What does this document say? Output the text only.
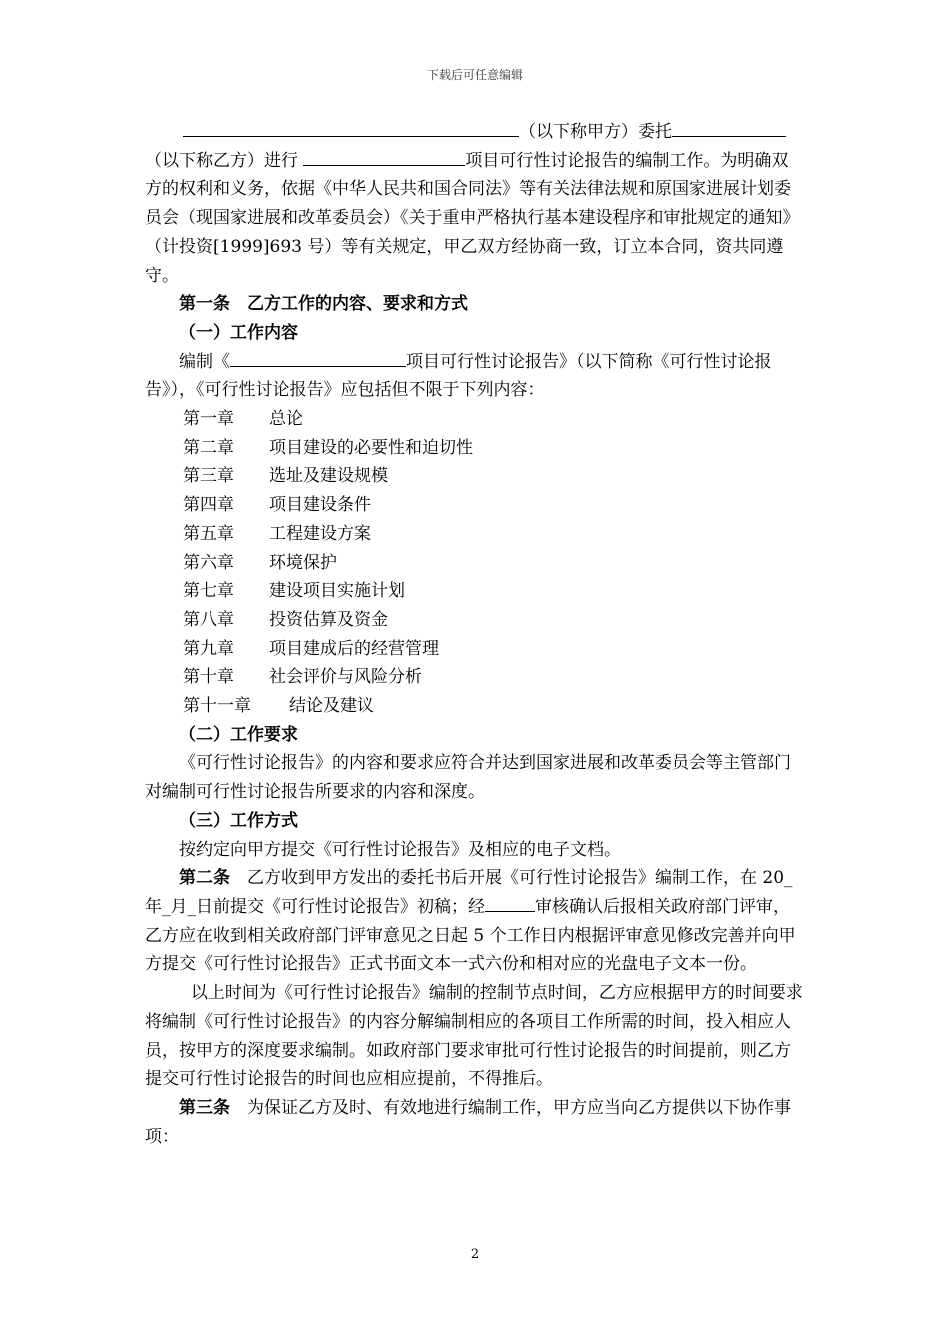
下载后可任意编辑

（以下称甲方）委托

（以下称乙方）进行	项目可行性讨论报告的编制工作。为明确双方的权利和义务，依据《中华人民共和国合同法》等有关法律法规和原国家进展计划委员会（现国家进展和改革委员会）《关于重申严格执行基本建设程序和审批规定的通知》（计投资[1999]693 号）等有关规定，甲乙双方经协商一致，订立本合同，资共同遵守。

第一条　乙方工作的内容、要求和方式

（一）工作内容

编制《	项目可行性讨论报告》（以下简称《可行性讨论报告》），《可行性讨论报告》应包括但不限于下列内容：

第一章	总论
第二章	项目建设的必要性和迫切性
第三章	选址及建设规模
第四章	项目建设条件
第五章	工程建设方案
第六章	环境保护
第七章	建设项目实施计划
第八章	投资估算及资金
第九章	项目建成后的经营管理
第十章	社会评价与风险分析
第十一章	结论及建议

（二）工作要求

《可行性讨论报告》的内容和要求应符合并达到国家进展和改革委员会等主管部门对编制可行性讨论报告所要求的内容和深度。

（三）工作方式

按约定向甲方提交《可行性讨论报告》及相应的电子文档。

第二条　乙方收到甲方发出的委托书后开展《可行性讨论报告》编制工作，在 20_年_月_日前提交《可行性讨论报告》初稿；经	审核确认后报相关政府部门评审，乙方应在收到相关政府部门评审意见之日起 5 个工作日内根据评审意见修改完善并向甲方提交《可行性讨论报告》正式书面文本一式六份和相对应的光盘电子文本一份。

以上时间为《可行性讨论报告》编制的控制节点时间，乙方应根据甲方的时间要求将编制《可行性讨论报告》的内容分解编制相应的各项目工作所需的时间，投入相应人员，按甲方的深度要求编制。如政府部门要求审批可行性讨论报告的时间提前，则乙方提交可行性讨论报告的时间也应相应提前，不得推后。

第三条　为保证乙方及时、有效地进行编制工作，甲方应当向乙方提供以下协作事项：

2
